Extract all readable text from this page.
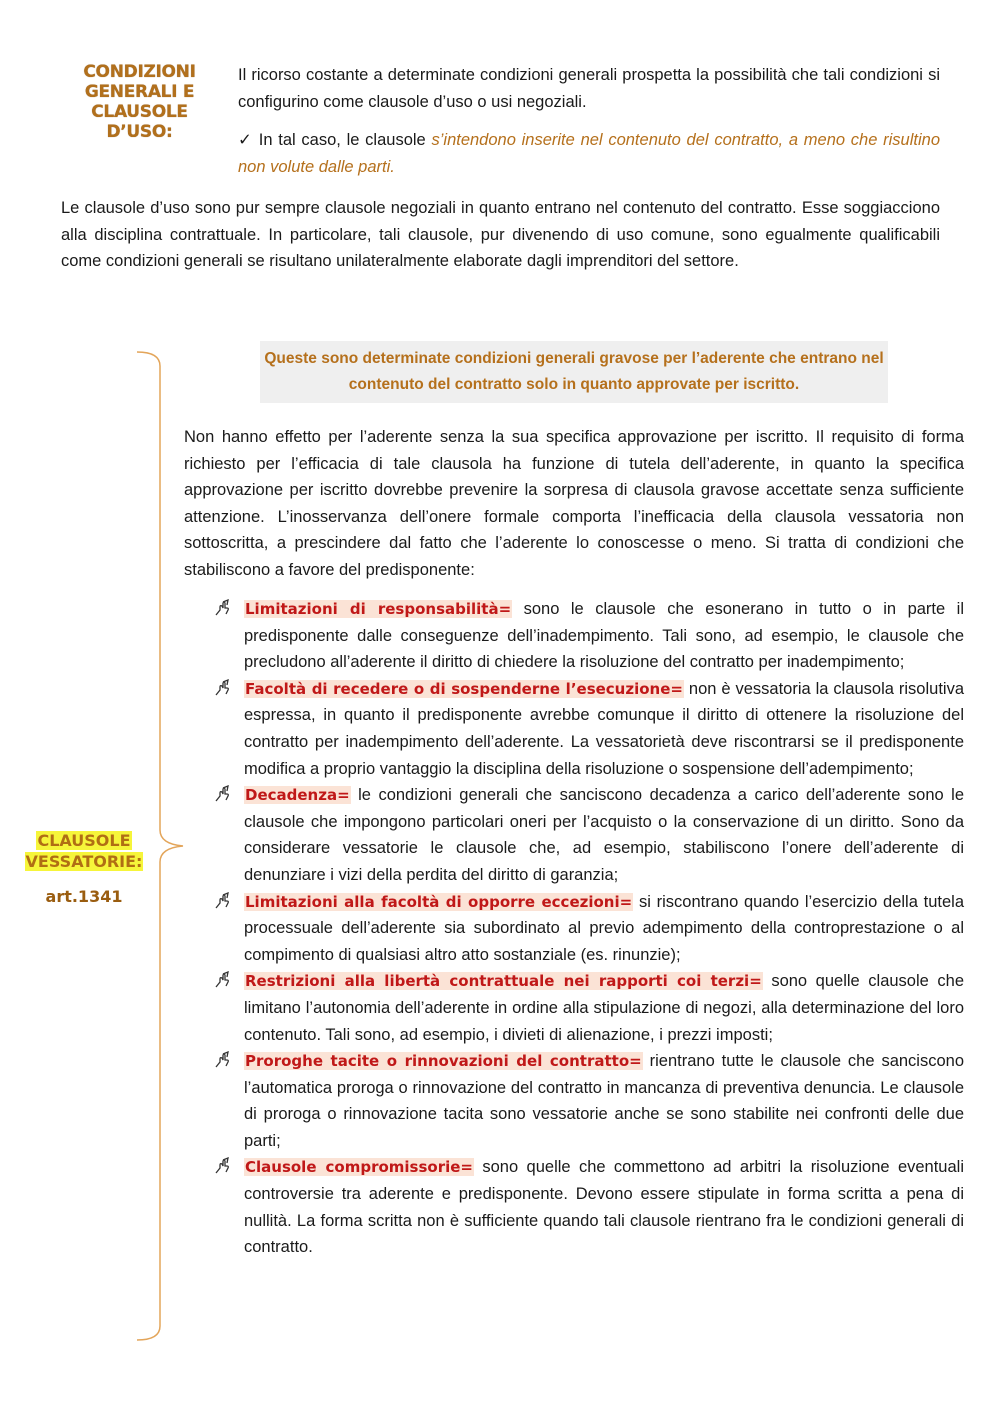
CONDIZIONI GENERALI E CLAUSOLE D’USO:
Il ricorso costante a determinate condizioni generali prospetta la possibilità che tali condizioni si configurino come clausole d’uso o usi negoziali.
✓ In tal caso, le clausole s’intendono inserite nel contenuto del contratto, a meno che risultino non volute dalle parti.
Le clausole d’uso sono pur sempre clausole negoziali in quanto entrano nel contenuto del contratto. Esse soggiacciono alla disciplina contrattuale. In particolare, tali clausole, pur divenendo di uso comune, sono egualmente qualificabili come condizioni generali se risultano unilateralmente elaborate dagli imprenditori del settore.
Queste sono determinate condizioni generali gravose per l’aderente che entrano nel contenuto del contratto solo in quanto approvate per iscritto.
CLAUSOLE
VESSATORIE:
art.1341
Non hanno effetto per l’aderente senza la sua specifica approvazione per iscritto. Il requisito di forma richiesto per l’efficacia di tale clausola ha funzione di tutela dell’aderente, in quanto la specifica approvazione per iscritto dovrebbe prevenire la sorpresa di clausola gravose accettate senza sufficiente attenzione. L’inosservanza dell’onere formale comporta l’inefficacia della clausola vessatoria non sottoscritta, a prescindere dal fatto che l’aderente lo conoscesse o meno. Si tratta di condizioni che stabiliscono a favore del predisponente:
Limitazioni di responsabilità= sono le clausole che esonerano in tutto o in parte il predisponente dalle conseguenze dell’inadempimento. Tali sono, ad esempio, le clausole che precludono all’aderente il diritto di chiedere la risoluzione del contratto per inadempimento;
Facoltà di recedere o di sospenderne l’esecuzione= non è vessatoria la clausola risolutiva espressa, in quanto il predisponente avrebbe comunque il diritto di ottenere la risoluzione del contratto per inadempimento dell’aderente. La vessatorietà deve riscontrarsi se il predisponente modifica a proprio vantaggio la disciplina della risoluzione o sospensione dell’adempimento;
Decadenza= le condizioni generali che sanciscono decadenza a carico dell’aderente sono le clausole che impongono particolari oneri per l’acquisto o la conservazione di un diritto. Sono da considerare vessatorie le clausole che, ad esempio, stabiliscono l’onere dell’aderente di denunziare i vizi della perdita del diritto di garanzia;
Limitazioni alla facoltà di opporre eccezioni= si riscontrano quando l’esercizio della tutela processuale dell’aderente sia subordinato al previo adempimento della controprestazione o al compimento di qualsiasi altro atto sostanziale (es. rinunzie);
Restrizioni alla libertà contrattuale nei rapporti coi terzi= sono quelle clausole che limitano l’autonomia dell’aderente in ordine alla stipulazione di negozi, alla determinazione del loro contenuto. Tali sono, ad esempio, i divieti di alienazione, i prezzi imposti;
Proroghe tacite o rinnovazioni del contratto= rientrano tutte le clausole che sanciscono l’automatica proroga o rinnovazione del contratto in mancanza di preventiva denuncia. Le clausole di proroga o rinnovazione tacita sono vessatorie anche se sono stabilite nei confronti delle due parti;
Clausole compromissorie= sono quelle che commettono ad arbitri la risoluzione eventuali controversie tra aderente e predisponente. Devono essere stipulate in forma scritta a pena di nullità. La forma scritta non è sufficiente quando tali clausole rientrano fra le condizioni generali di contratto.
